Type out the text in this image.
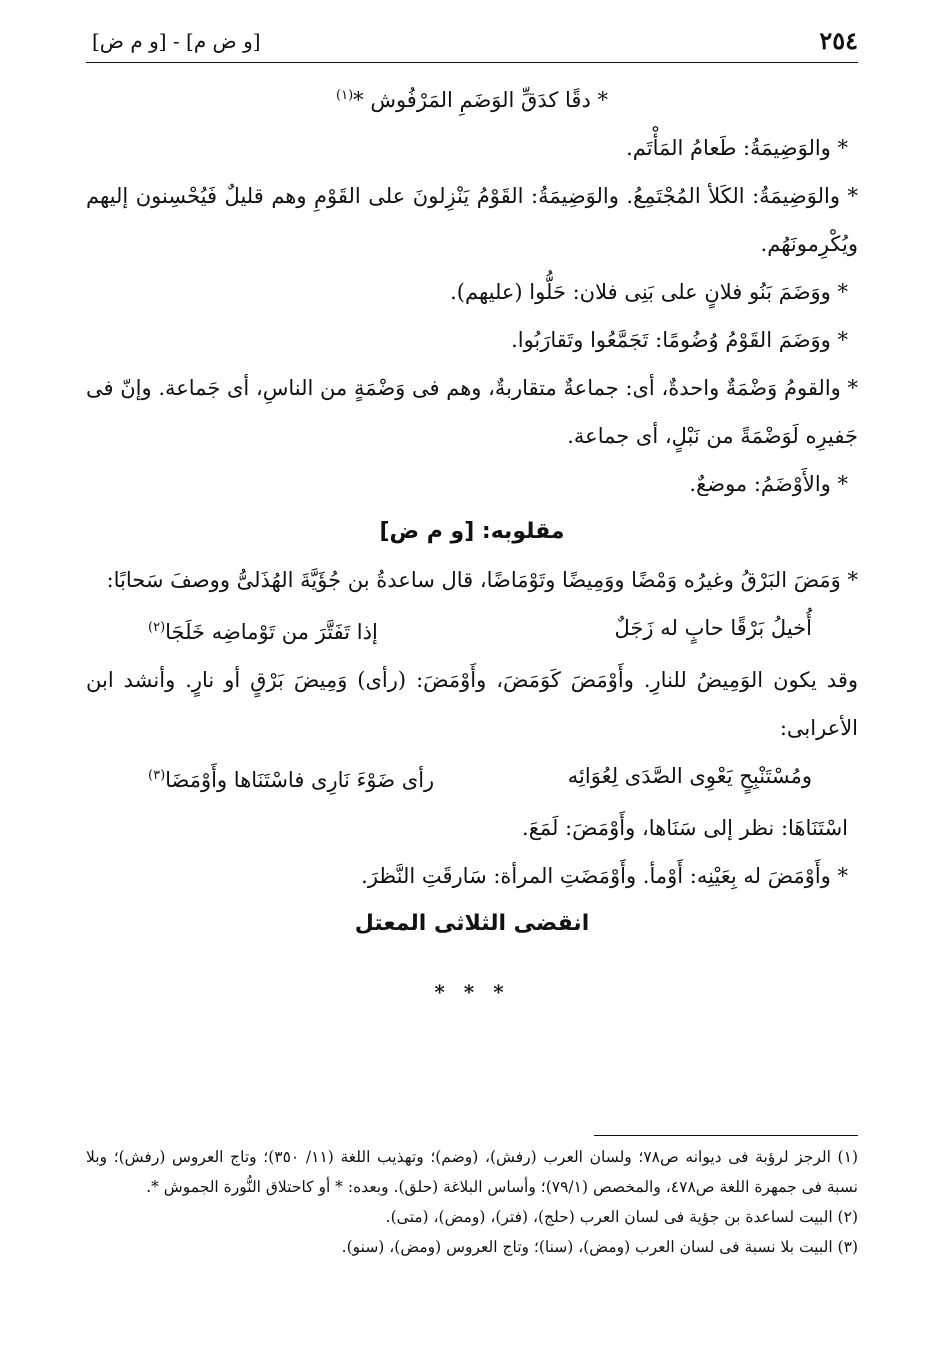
٢٥٤
[و ض م] - [و م ض]

* دقًا كدَقِّ الوَضَمِ المَرْفُوش *$^{(١)}$

* والوَضِيمَةُ: طَعامُ المَأْتَم.

* والوَضِيمَةُ: الكَلأ المُجْتَمِعُ. والوَضِيمَةُ: القَوْمُ يَنْزِلونَ على القَوْمِ وهم قليلٌ فَيُحْسِنون إليهم ويُكْرِمونَهُم.

* ووَضَمَ بَنُو فلانٍ على بَنِى فلان: حَلُّوا (عليهم).

* ووَضَمَ القَوْمُ وُضُومًا: تَجَمَّعُوا وتَقارَبُوا.

* والقومُ وَضْمَةٌ واحدةٌ، أى: جماعةٌ متقاربةٌ، وهم فى وَضْمَةٍ من الناسِ، أى جَماعة. وإنّ فى جَفيرِه لَوَضْمَةً من نَبْلٍ، أى جماعة.

* والأَوْضَمُ: موضعٌ.

مقلوبه: [و م ض]

* وَمَضَ البَرْقُ وغيرُه وَمْضًا ووَمِيضًا وتَوْمَاضًا، قال ساعدةُ بن جُؤَيَّةَ الهُذَلىُّ ووصفَ سَحابًا:

أُخيلُ بَرْقًا حابٍ له زَجَلٌ
إذا تَفَتَّرَ من تَوْماضِه خَلَجَا$^{(٢)}$

وقد يكون الوَمِيضُ للنارِ. وأَوْمَضَ كَوَمَضَ، وأَوْمَضَ: (رأى) وَمِيضَ بَرْقٍ أو نارٍ. وأنشد ابن الأعرابى:

ومُسْتَنْبِحٍ يَعْوِى الصَّدَى لِعُوَائِه
رأى ضَوْءَ نَارِى فاسْتَنَاها وأَوْمَضَا$^{(٣)}$

اسْتَنَاهَا: نظر إلى سَنَاها، وأَوْمَضَ: لَمَعَ.

* وأَوْمَضَ له بِعَيْنِه: أَوْمأ. وأَوْمَضَتِ المرأة: سَارقَتِ النَّظرَ.

انقضى الثلاثى المعتل

* * *

(١) الرجز لرؤبة فى ديوانه ص٧٨؛ ولسان العرب (رفش)، (وضم)؛ وتهذيب اللغة (١١/ ٣٥٠)؛ وتاج العروس (رفش)؛ وبلا نسبة فى جمهرة اللغة ص٤٧٨، والمخصص (٧٩/١)؛ وأساس البلاغة (حلق). وبعده: * أو كاحتلاق النُّورة الجموش *.

(٢) البيت لساعدة بن جؤية فى لسان العرب (حلج)، (فتر)، (ومض)، (متى).

(٣) البيت بلا نسبة فى لسان العرب (ومض)، (سنا)؛ وتاج العروس (ومض)، (سنو).
